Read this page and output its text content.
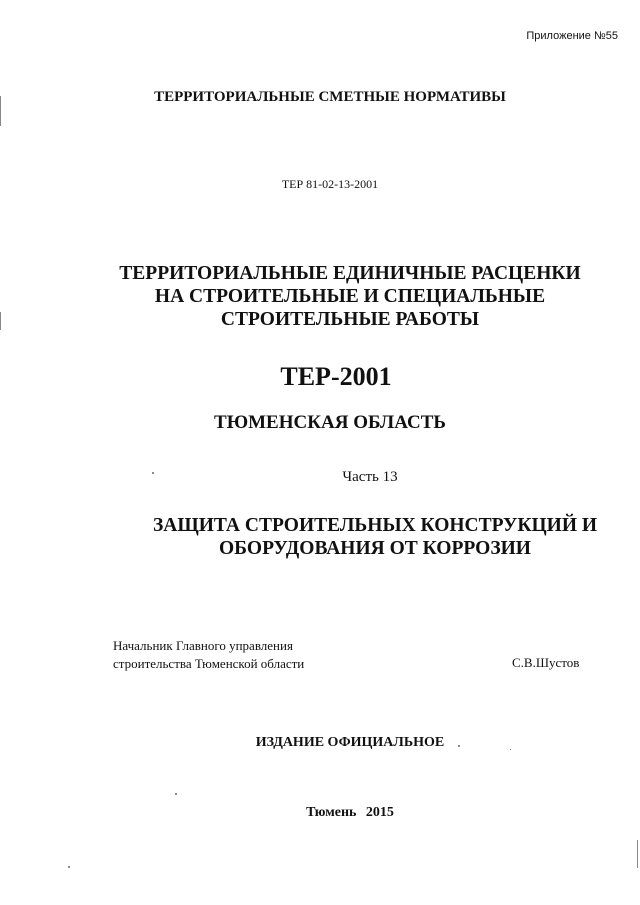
Приложение №55
ТЕРРИТОРИАЛЬНЫЕ СМЕТНЫЕ НОРМАТИВЫ
ТЕР 81-02-13-2001
ТЕРРИТОРИАЛЬНЫЕ ЕДИНИЧНЫЕ РАСЦЕНКИ
НА СТРОИТЕЛЬНЫЕ И СПЕЦИАЛЬНЫЕ
СТРОИТЕЛЬНЫЕ РАБОТЫ
ТЕР-2001
ТЮМЕНСКАЯ ОБЛАСТЬ
Часть 13
ЗАЩИТА СТРОИТЕЛЬНЫХ КОНСТРУКЦИЙ И
ОБОРУДОВАНИЯ ОТ КОРРОЗИИ
Начальник Главного управления
строительства Тюменской области	С.В.Шустов
ИЗДАНИЕ ОФИЦИАЛЬНОЕ
Тюмень 2015
